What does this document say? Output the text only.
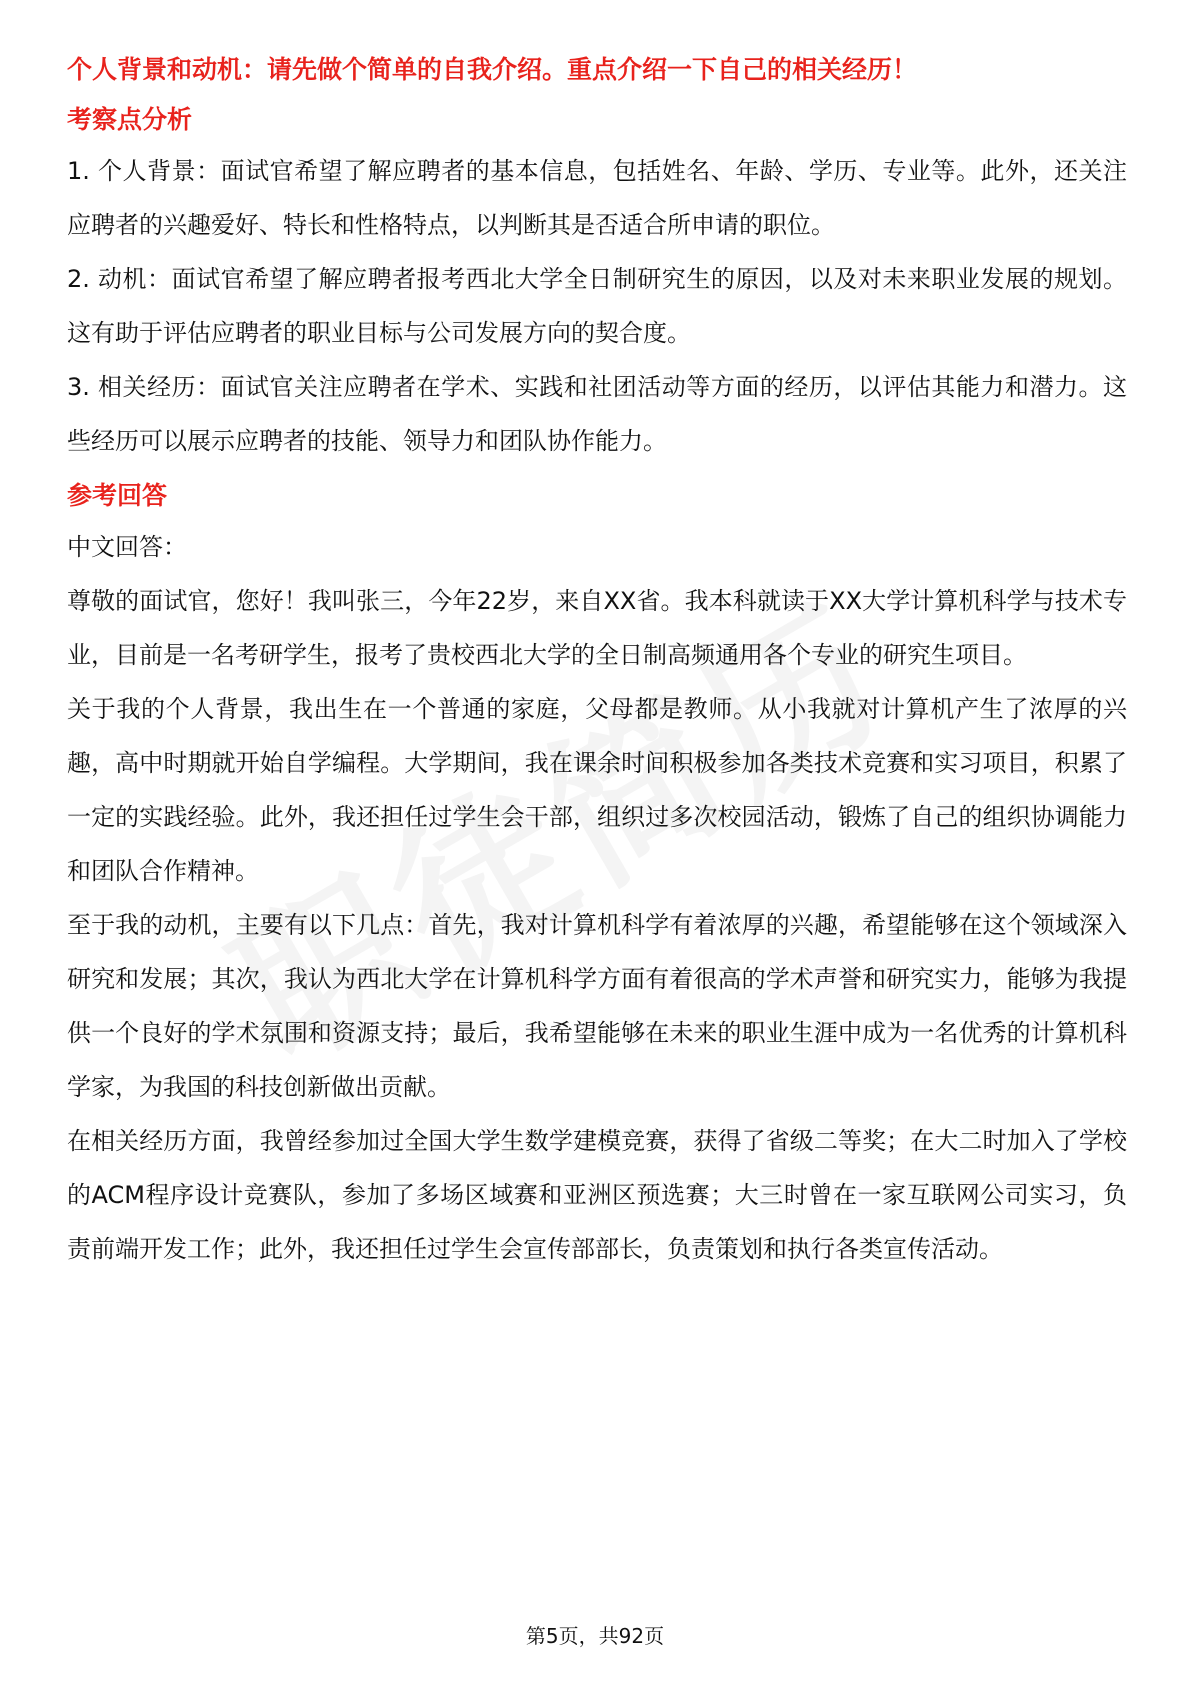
个人背景和动机：请先做个简单的自我介绍。重点介绍一下自己的相关经历！
考察点分析

1. 个人背景：面试官希望了解应聘者的基本信息，包括姓名、年龄、学历、专业等。此外，还关注应聘者的兴趣爱好、特长和性格特点，以判断其是否适合所申请的职位。

2. 动机：面试官希望了解应聘者报考西北大学全日制研究生的原因，以及对未来职业发展的规划。这有助于评估应聘者的职业目标与公司发展方向的契合度。

3. 相关经历：面试官关注应聘者在学术、实践和社团活动等方面的经历，以评估其能力和潜力。这些经历可以展示应聘者的技能、领导力和团队协作能力。

参考回答

中文回答：

尊敬的面试官，您好！我叫张三，今年22岁，来自XX省。我本科就读于XX大学计算机科学与技术专业，目前是一名考研学生，报考了贵校西北大学的全日制高频通用各个专业的研究生项目。

关于我的个人背景，我出生在一个普通的家庭，父母都是教师。从小我就对计算机产生了浓厚的兴趣，高中时期就开始自学编程。大学期间，我在课余时间积极参加各类技术竞赛和实习项目，积累了一定的实践经验。此外，我还担任过学生会干部，组织过多次校园活动，锻炼了自己的组织协调能力和团队合作精神。

至于我的动机，主要有以下几点：首先，我对计算机科学有着浓厚的兴趣，希望能够在这个领域深入研究和发展；其次，我认为西北大学在计算机科学方面有着很高的学术声誉和研究实力，能够为我提供一个良好的学术氛围和资源支持；最后，我希望能够在未来的职业生涯中成为一名优秀的计算机科学家，为我国的科技创新做出贡献。

在相关经历方面，我曾经参加过全国大学生数学建模竞赛，获得了省级二等奖；在大二时加入了学校的ACM程序设计竞赛队，参加了多场区域赛和亚洲区预选赛；大三时曾在一家互联网公司实习，负责前端开发工作；此外，我还担任过学生会宣传部部长，负责策划和执行各类宣传活动。

第5页，共92页
